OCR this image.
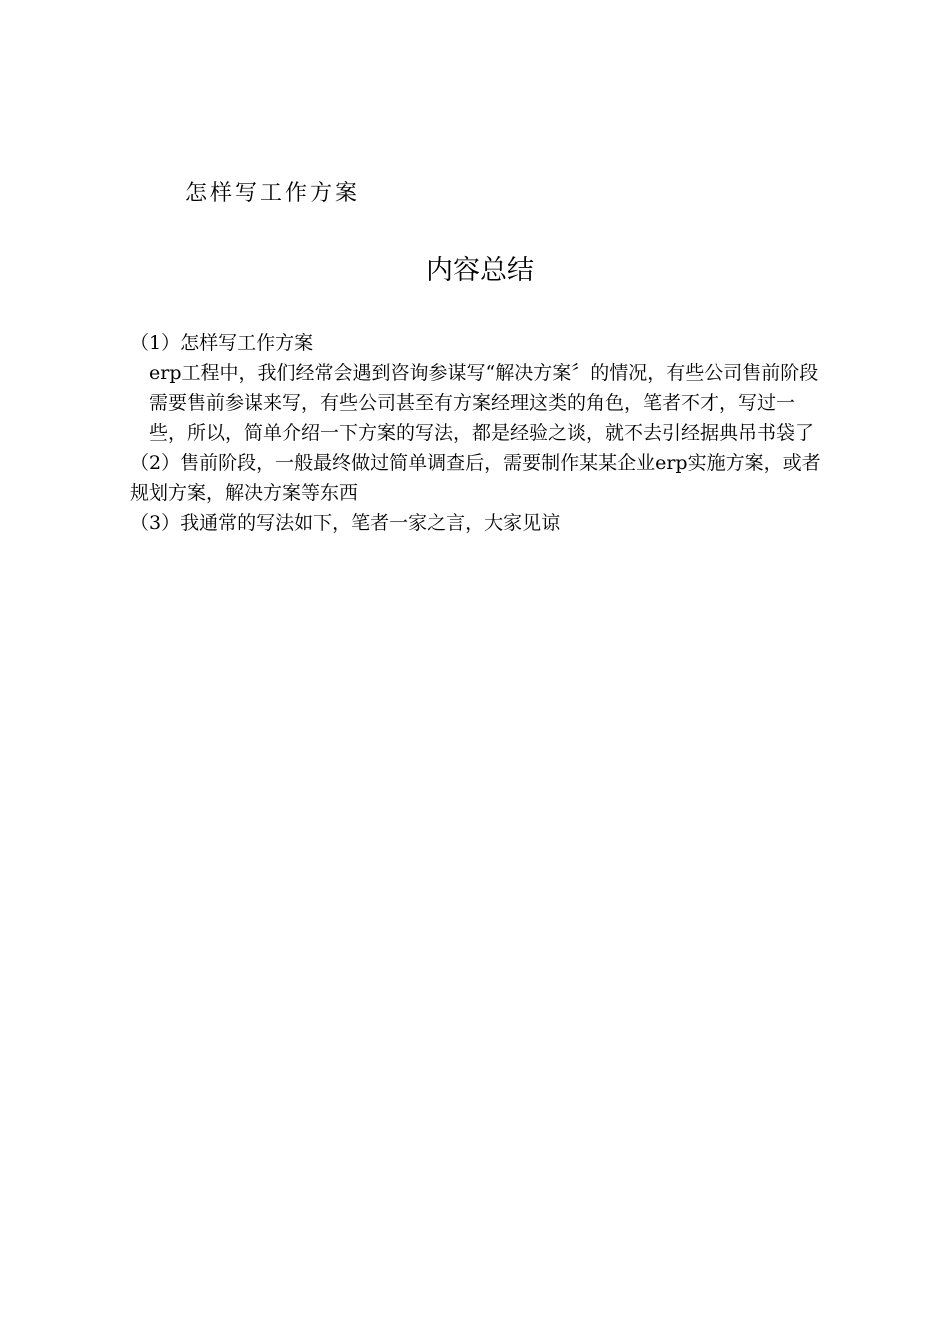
怎样写工作方案
内容总结

（1）怎样写工作方案

erp工程中，我们经常会遇到咨询参谋写“解决方案〞的情况，有些公司售前阶段需要售前参谋来写，有些公司甚至有方案经理这类的角色，笔者不才，写过一些，所以，简单介绍一下方案的写法，都是经验之谈，就不去引经据典吊书袋了

（2）售前阶段，一般最终做过简单调查后，需要制作某某企业erp实施方案，或者规划方案，解决方案等东西

（3）我通常的写法如下，笔者一家之言，大家见谅
